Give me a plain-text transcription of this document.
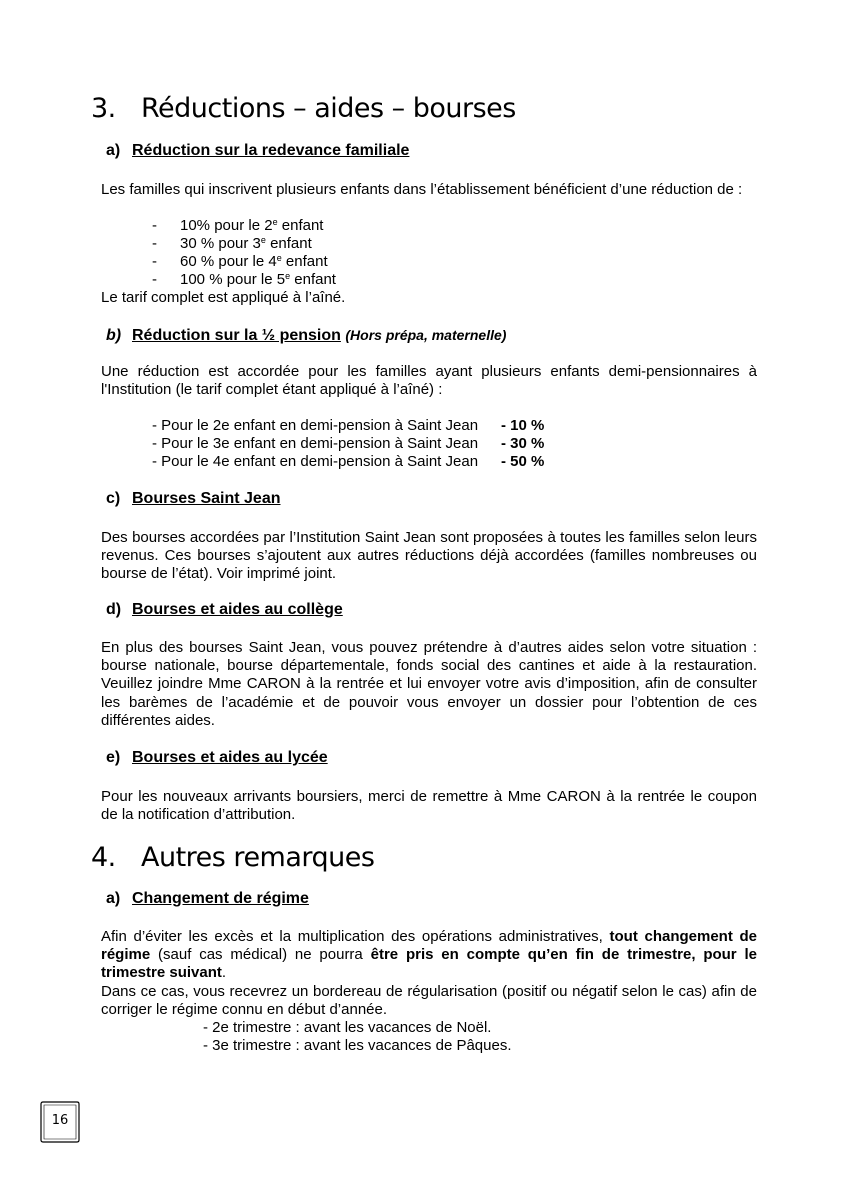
3. Réductions – aides – bourses
a) Réduction sur la redevance familiale

Les familles qui inscrivent plusieurs enfants dans l’établissement bénéficient d’une réduction de :

- 10% pour le 2e enfant
- 30 % pour 3e enfant
- 60 % pour le 4e enfant
- 100 % pour le 5e enfant

Le tarif complet est appliqué à l’aîné.

b) Réduction sur la ½ pension (Hors prépa, maternelle)

Une réduction est accordée pour les familles ayant plusieurs enfants demi-pensionnaires à l'Institution (le tarif complet étant appliqué à l’aîné) :

- Pour le 2e enfant en demi-pension à Saint Jean - 10 %
- Pour le 3e enfant en demi-pension à Saint Jean - 30 %
- Pour le 4e enfant en demi-pension à Saint Jean - 50 %
c) Bourses Saint Jean

Des bourses accordées par l’Institution Saint Jean sont proposées à toutes les familles selon leurs revenus. Ces bourses s’ajoutent aux autres réductions déjà accordées (familles nombreuses ou bourse de l’état). Voir imprimé joint.

d) Bourses et aides au collège

En plus des bourses Saint Jean, vous pouvez prétendre à d’autres aides selon votre situation : bourse nationale, bourse départementale, fonds social des cantines et aide à la restauration. Veuillez joindre Mme CARON à la rentrée et lui envoyer votre avis d’imposition, afin de consulter les barèmes de l’académie et de pouvoir vous envoyer un dossier pour l’obtention de ces différentes aides.

e) Bourses et aides au lycée

Pour les nouveaux arrivants boursiers, merci de remettre à Mme CARON à la rentrée le coupon de la notification d’attribution.

4. Autres remarques
a) Changement de régime

Afin d’éviter les excès et la multiplication des opérations administratives, tout changement de régime (sauf cas médical) ne pourra être pris en compte qu’en fin de trimestre, pour le trimestre suivant.

Dans ce cas, vous recevrez un bordereau de régularisation (positif ou négatif selon le cas) afin de corriger le régime connu en début d’année.

- 2e trimestre : avant les vacances de Noël.
- 3e trimestre : avant les vacances de Pâques.
16
